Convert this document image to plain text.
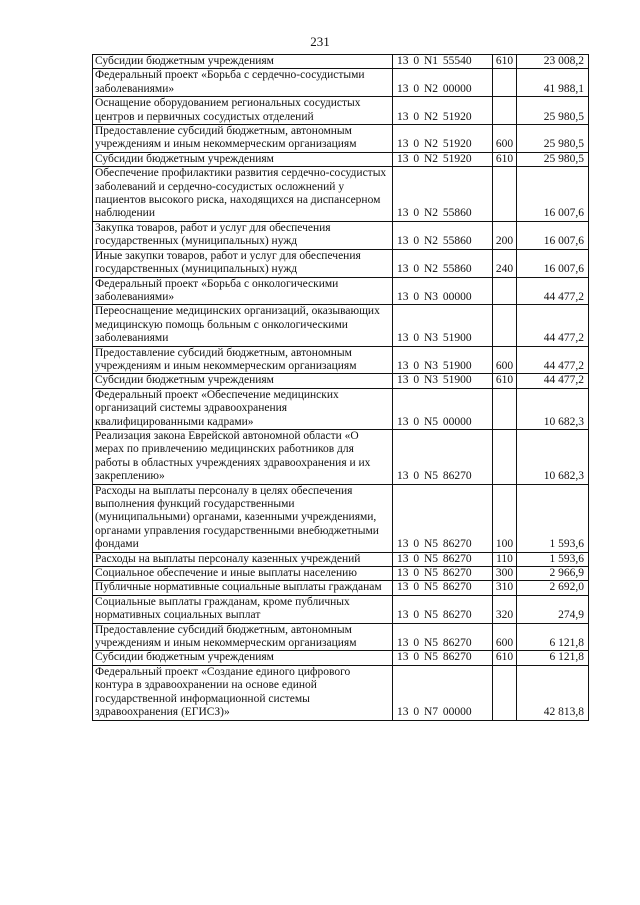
231
Субсидии бюджетным учреждениям	13 0 N1 55540	610	23 008,2
Федеральный проект «Борьба с сердечно-сосудистыми заболеваниями»	13 0 N2 00000		41 988,1
Оснащение оборудованием региональных сосудистых центров и первичных сосудистых отделений	13 0 N2 51920		25 980,5
Предоставление субсидий бюджетным, автономным учреждениям и иным некоммерческим организациям	13 0 N2 51920	600	25 980,5
Субсидии бюджетным учреждениям	13 0 N2 51920	610	25 980,5
Обеспечение профилактики развития сердечно-сосудистых заболеваний и сердечно-сосудистых осложнений у пациентов высокого риска, находящихся на диспансерном наблюдении	13 0 N2 55860		16 007,6
Закупка товаров, работ и услуг для обеспечения государственных (муниципальных) нужд	13 0 N2 55860	200	16 007,6
Иные закупки товаров, работ и услуг для обеспечения государственных (муниципальных) нужд	13 0 N2 55860	240	16 007,6
Федеральный проект «Борьба с онкологическими заболеваниями»	13 0 N3 00000		44 477,2
Переоснащение медицинских организаций, оказывающих медицинскую помощь больным с онкологическими заболеваниями	13 0 N3 51900		44 477,2
Предоставление субсидий бюджетным, автономным учреждениям и иным некоммерческим организациям	13 0 N3 51900	600	44 477,2
Субсидии бюджетным учреждениям	13 0 N3 51900	610	44 477,2
Федеральный проект «Обеспечение медицинских организаций системы здравоохранения квалифицированными кадрами»	13 0 N5 00000		10 682,3
Реализация закона Еврейской автономной области «О мерах по привлечению медицинских работников для работы в областных учреждениях здравоохранения и их закреплению»	13 0 N5 86270		10 682,3
Расходы на выплаты персоналу в целях обеспечения выполнения функций государственными (муниципальными) органами, казенными учреждениями, органами управления государственными внебюджетными фондами	13 0 N5 86270	100	1 593,6
Расходы на выплаты персоналу казенных учреждений	13 0 N5 86270	110	1 593,6
Социальное обеспечение и иные выплаты населению	13 0 N5 86270	300	2 966,9
Публичные нормативные социальные выплаты гражданам	13 0 N5 86270	310	2 692,0
Социальные выплаты гражданам, кроме публичных нормативных социальных выплат	13 0 N5 86270	320	274,9
Предоставление субсидий бюджетным, автономным учреждениям и иным некоммерческим организациям	13 0 N5 86270	600	6 121,8
Субсидии бюджетным учреждениям	13 0 N5 86270	610	6 121,8
Федеральный проект «Создание единого цифрового контура в здравоохранении на основе единой государственной информационной системы здравоохранения (ЕГИСЗ)»	13 0 N7 00000		42 813,8
